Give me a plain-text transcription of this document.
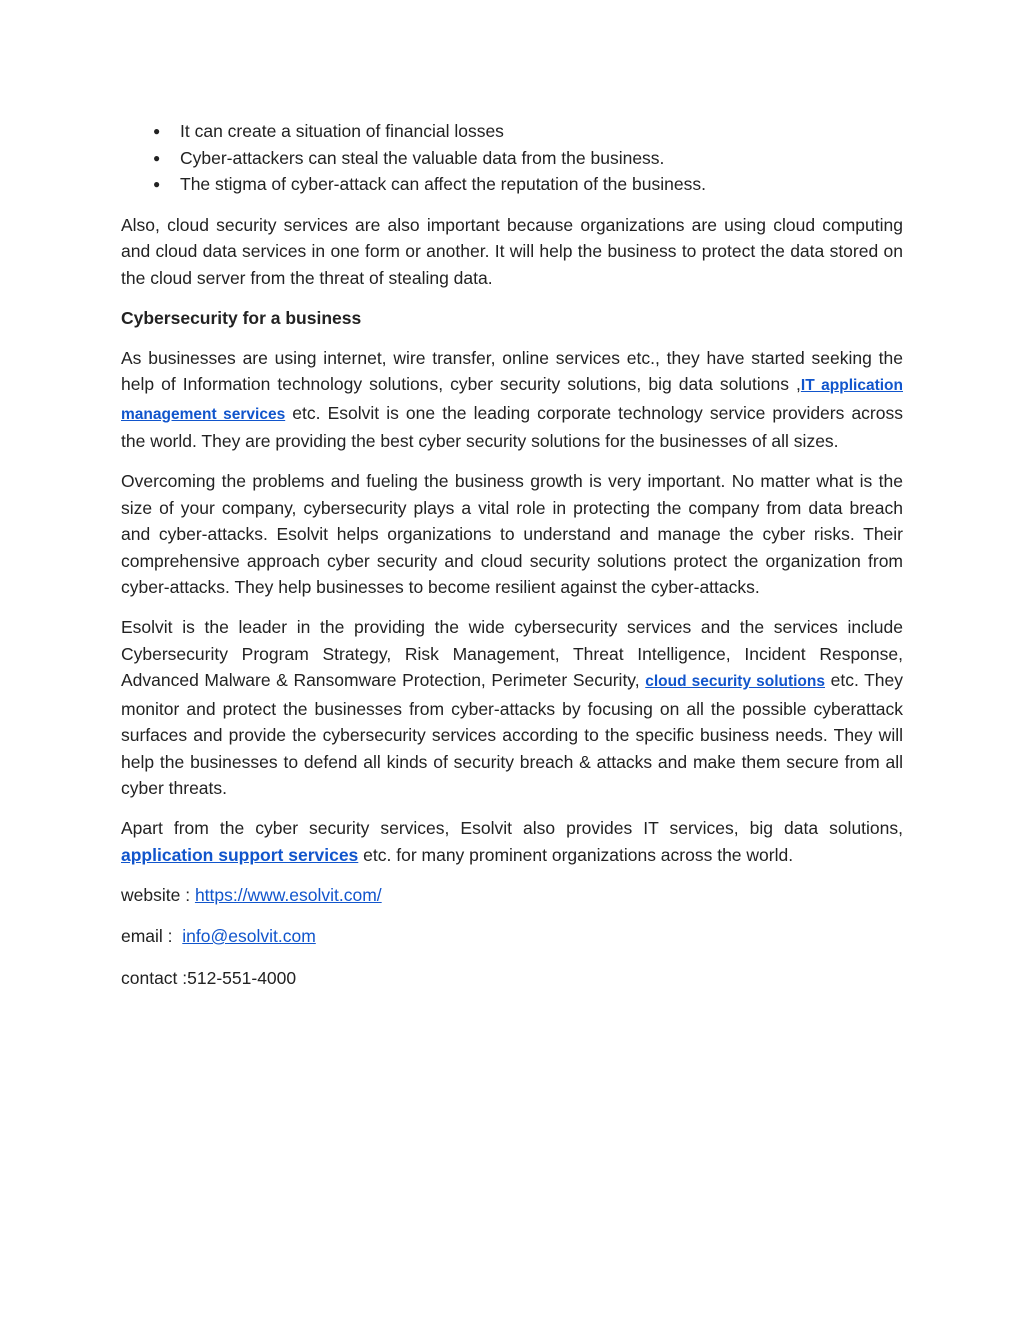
● It can create a situation of financial losses
● Cyber-attackers can steal the valuable data from the business.
● The stigma of cyber-attack can affect the reputation of the business.

Also, cloud security services are also important because organizations are using cloud computing and cloud data services in one form or another. It will help the business to protect the data stored on the cloud server from the threat of stealing data.

Cybersecurity for a business

As businesses are using internet, wire transfer, online services etc., they have started seeking the help of Information technology solutions, cyber security solutions, big data solutions ,IT application management services etc. Esolvit is one the leading corporate technology service providers across the world. They are providing the best cyber security solutions for the businesses of all sizes.

Overcoming the problems and fueling the business growth is very important. No matter what is the size of your company, cybersecurity plays a vital role in protecting the company from data breach and cyber-attacks. Esolvit helps organizations to understand and manage the cyber risks. Their comprehensive approach cyber security and cloud security solutions protect the organization from cyber-attacks. They help businesses to become resilient against the cyber-attacks.

Esolvit is the leader in the providing the wide cybersecurity services and the services include Cybersecurity Program Strategy, Risk Management, Threat Intelligence, Incident Response, Advanced Malware & Ransomware Protection, Perimeter Security, cloud security solutions etc. They monitor and protect the businesses from cyber-attacks by focusing on all the possible cyberattack surfaces and provide the cybersecurity services according to the specific business needs. They will help the businesses to defend all kinds of security breach & attacks and make them secure from all cyber threats.

Apart from the cyber security services, Esolvit also provides IT services, big data solutions, application support services etc. for many prominent organizations across the world.

website : https://www.esolvit.com/

email :  info@esolvit.com

contact :512-551-4000
